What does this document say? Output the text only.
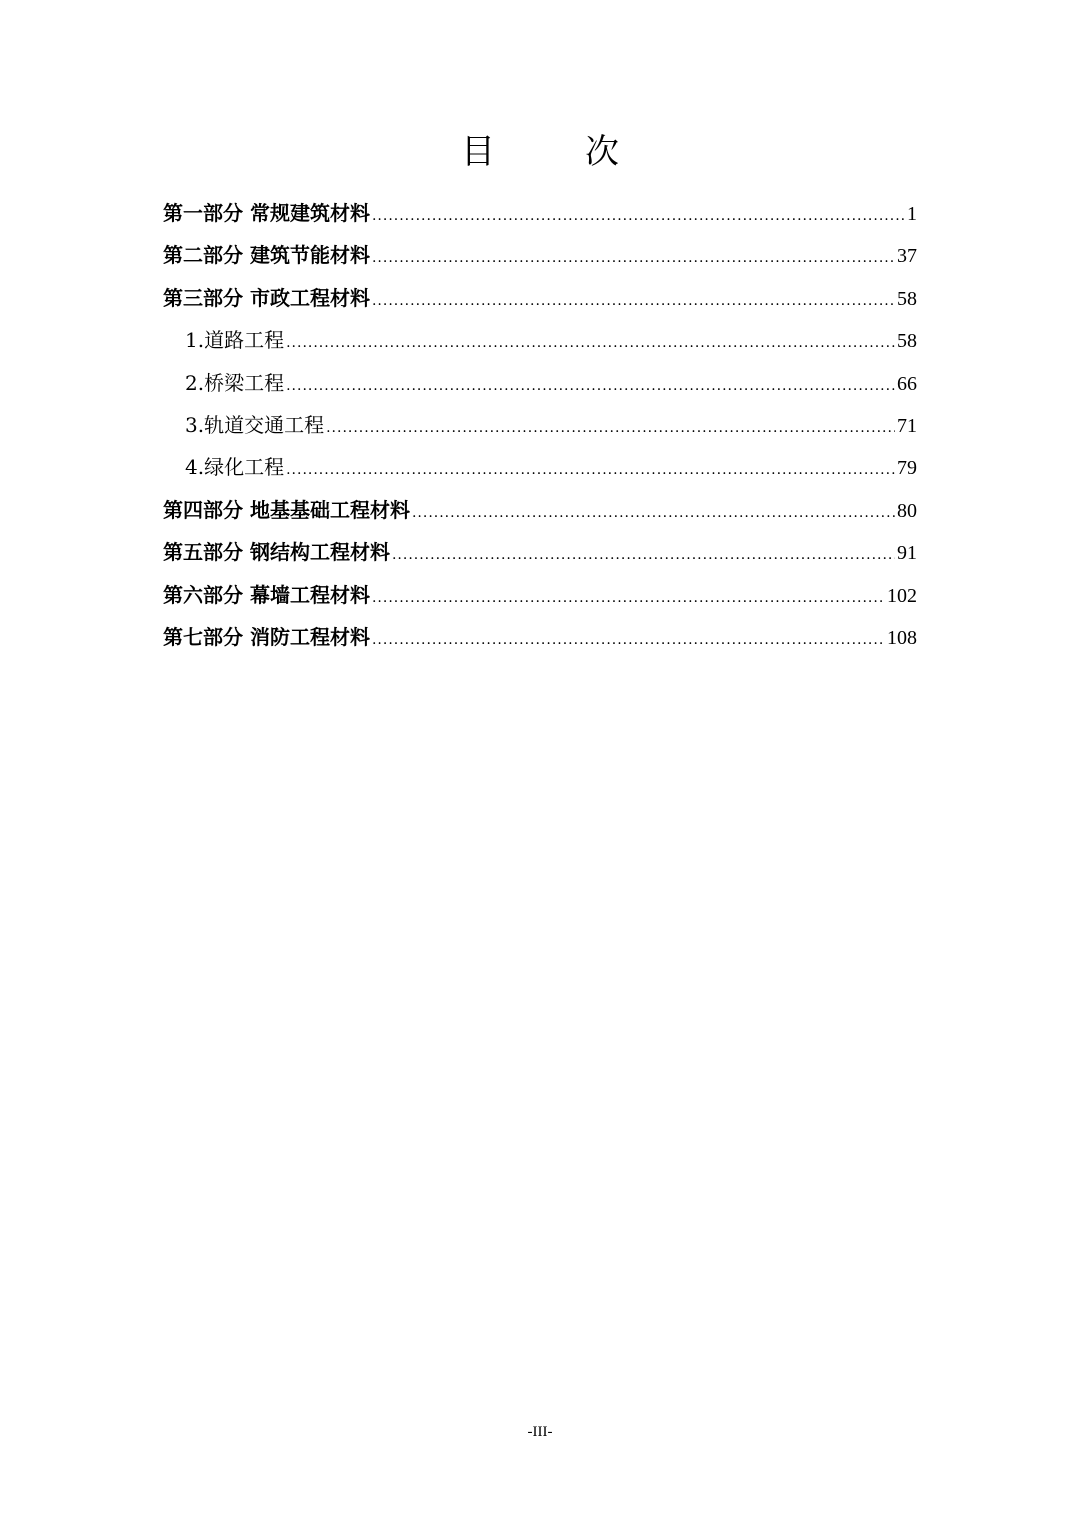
目　次
第一部分 常规建筑材料 .....	1
第二部分 建筑节能材料 .....	37
第三部分 市政工程材料 .....	58
1.道路工程 .....	58
2.桥梁工程 .....	66
3.轨道交通工程 .....	71
4.绿化工程 .....	79
第四部分 地基基础工程材料 .....	80
第五部分 钢结构工程材料 .....	91
第六部分 幕墙工程材料 .....	102
第七部分 消防工程材料 .....	108
-III-
